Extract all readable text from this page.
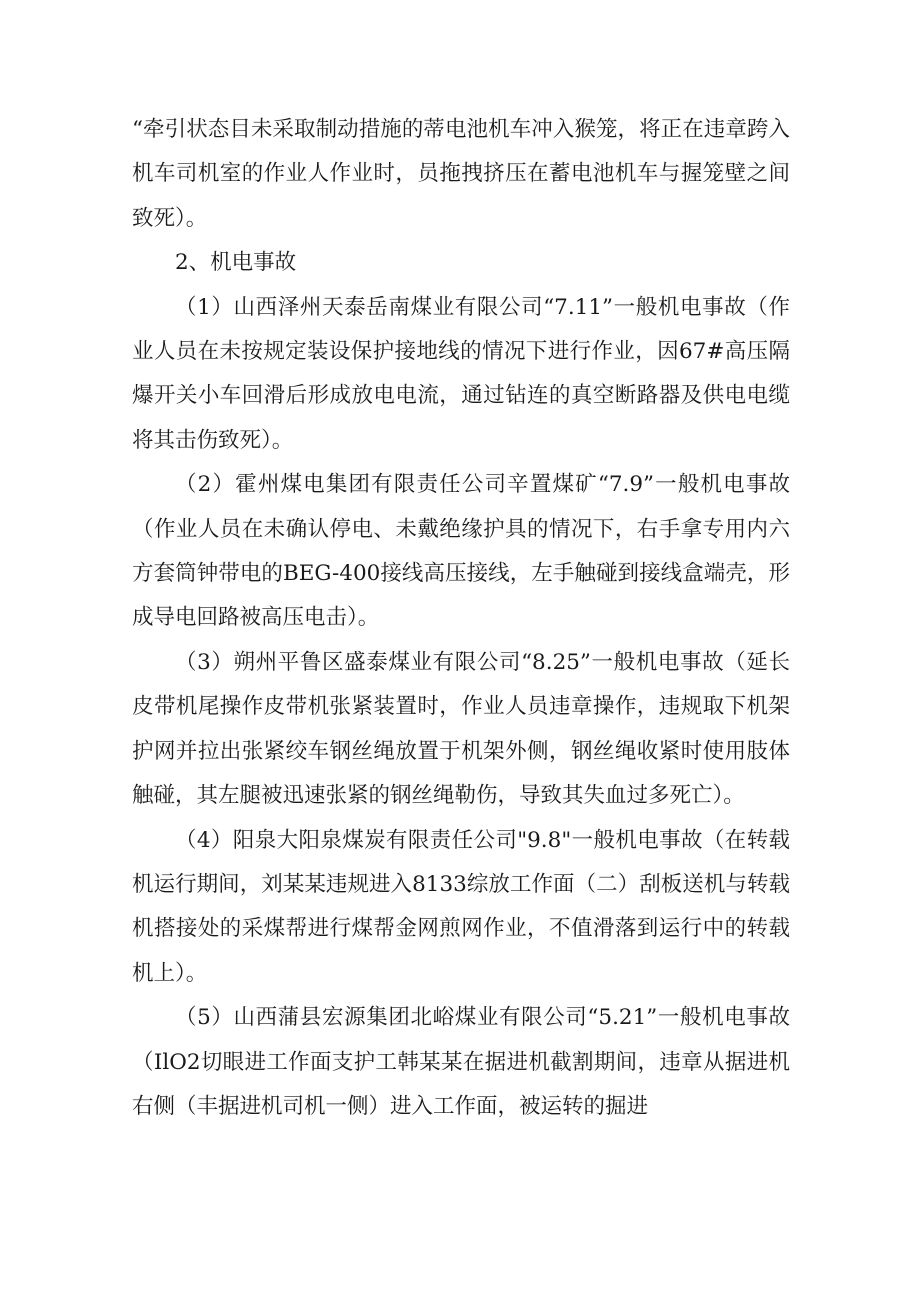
“牵引状态目未采取制动措施的蒂电池机车冲入猴笼，将正在违章跨入机车司机室的作业人作业时，员拖拽挤压在蓄电池机车与握笼壁之间致死）。

2、机电事故

（1）山西泽州天泰岳南煤业有限公司“7.11”一般机电事故（作业人员在未按规定装设保护接地线的情况下进行作业，因67#高压隔爆开关小车回滑后形成放电电流，通过钻连的真空断路器及供电电缆将其击伤致死）。

（2）霍州煤电集团有限责任公司辛置煤矿“7.9”一般机电事故（作业人员在未确认停电、未戴绝缘护具的情况下，右手拿专用内六方套筒钟带电的BEG-400接线高压接线，左手触碰到接线盒端壳，形成导电回路被高压电击）。

（3）朔州平鲁区盛泰煤业有限公司“8.25”一般机电事故（延长皮带机尾操作皮带机张紧装置时，作业人员违章操作，违规取下机架护网并拉出张紧绞车钢丝绳放置于机架外侧，钢丝绳收紧时使用肢体触碰，其左腿被迅速张紧的钢丝绳勒伤，导致其失血过多死亡）。

（4）阳泉大阳泉煤炭有限责任公司"9.8"一般机电事故（在转载机运行期间，刘某某违规进入8133综放工作面（二）刮板送机与转载机搭接处的采煤帮进行煤帮金网煎网作业，不值滑落到运行中的转载机上）。

（5）山西蒲县宏源集团北峪煤业有限公司“5.21”一般机电事故（IlO2切眼进工作面支护工韩某某在据进机截割期间，违章从据进机右侧（丰据进机司机一侧）进入工作面，被运转的掘进
